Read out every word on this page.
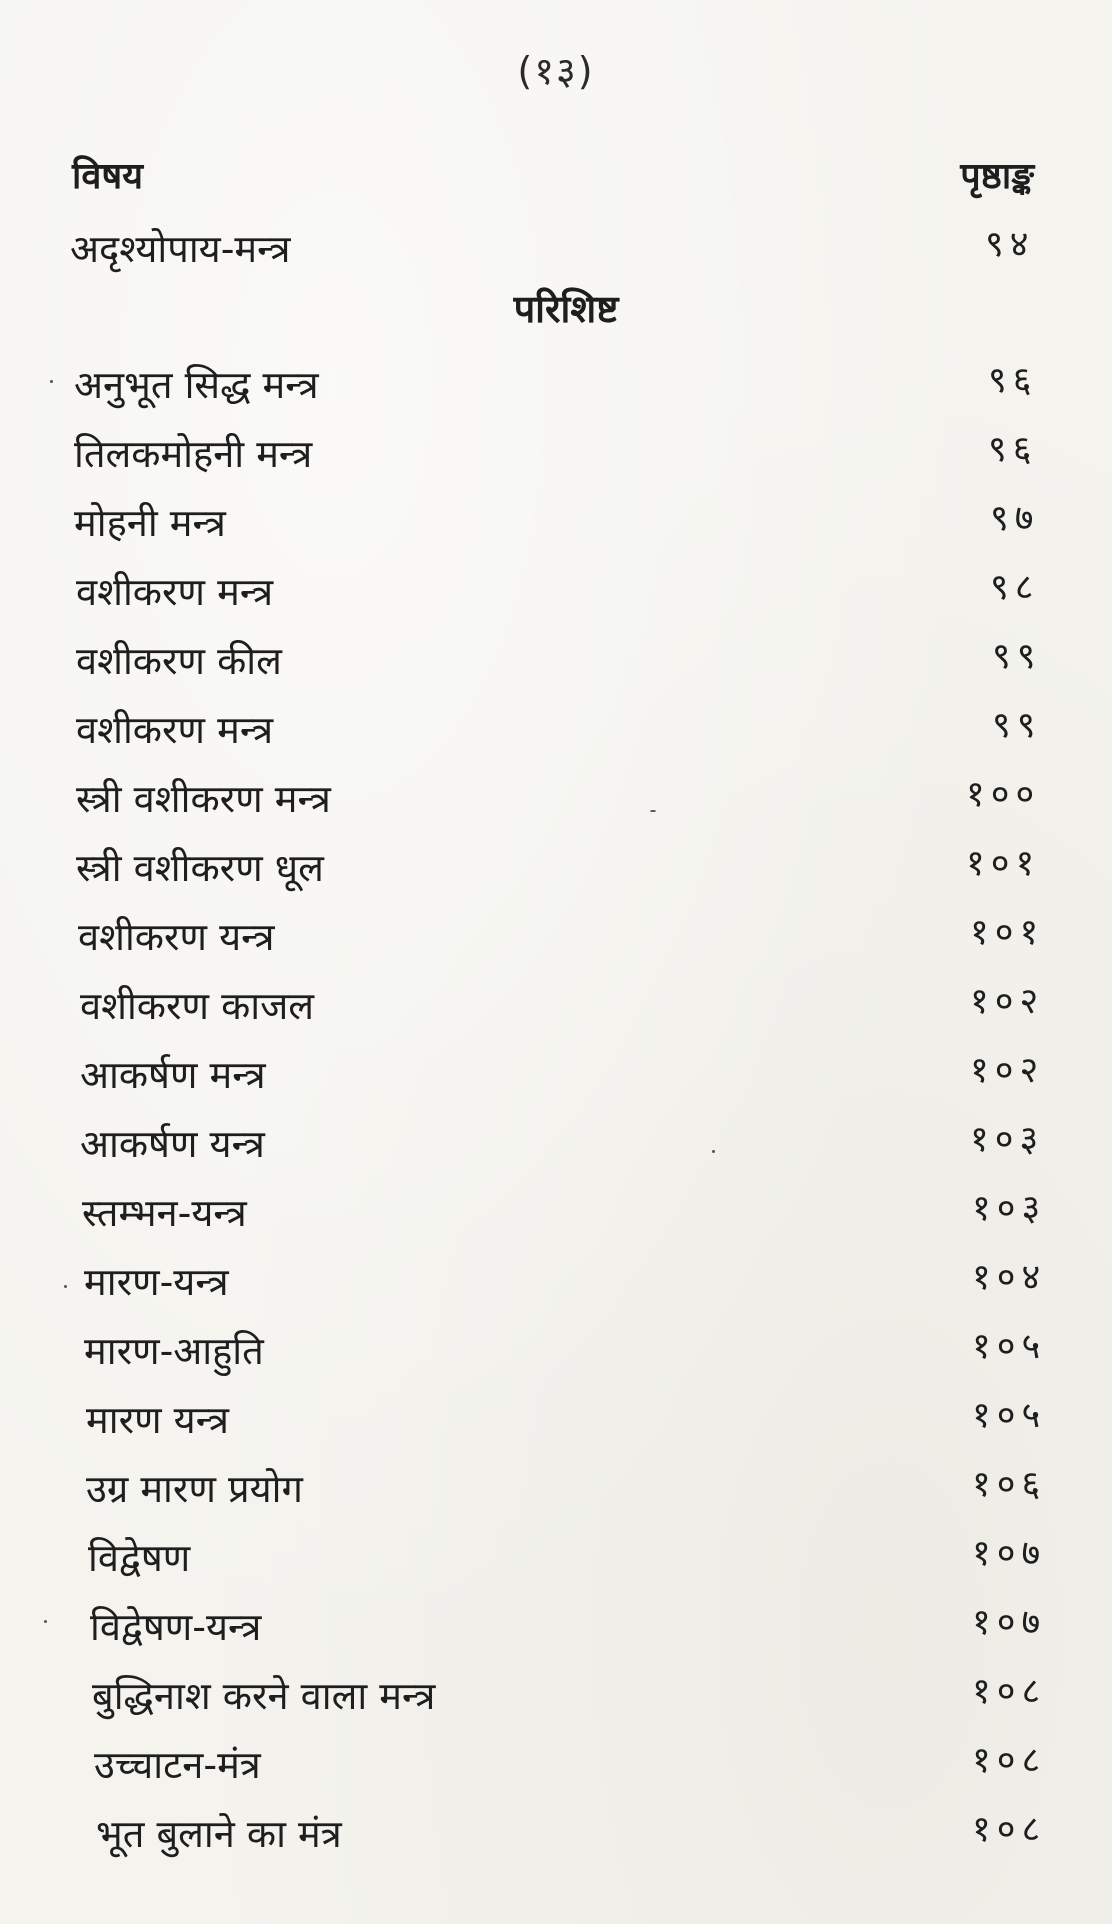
(१३)
विषय	पृष्ठाङ्क
अदृश्योपाय-मन्त्र	९४
परिशिष्ट
अनुभूत सिद्ध मन्त्र	९६
तिलकमोहनी मन्त्र	९६
मोहनी मन्त्र	९७
वशीकरण मन्त्र	९८
वशीकरण कील	९९
वशीकरण मन्त्र	९९
स्त्री वशीकरण मन्त्र	१००
स्त्री वशीकरण धूल	१०१
वशीकरण यन्त्र	१०१
वशीकरण काजल	१०२
आकर्षण मन्त्र	१०२
आकर्षण यन्त्र	१०३
स्तम्भन-यन्त्र	१०३
मारण-यन्त्र	१०४
मारण-आहुति	१०५
मारण यन्त्र	१०५
उग्र मारण प्रयोग	१०६
विद्वेषण	१०७
विद्वेषण-यन्त्र	१०७
बुद्धिनाश करने वाला मन्त्र	१०८
उच्चाटन-मंत्र	१०८
भूत बुलाने का मंत्र	१०८
